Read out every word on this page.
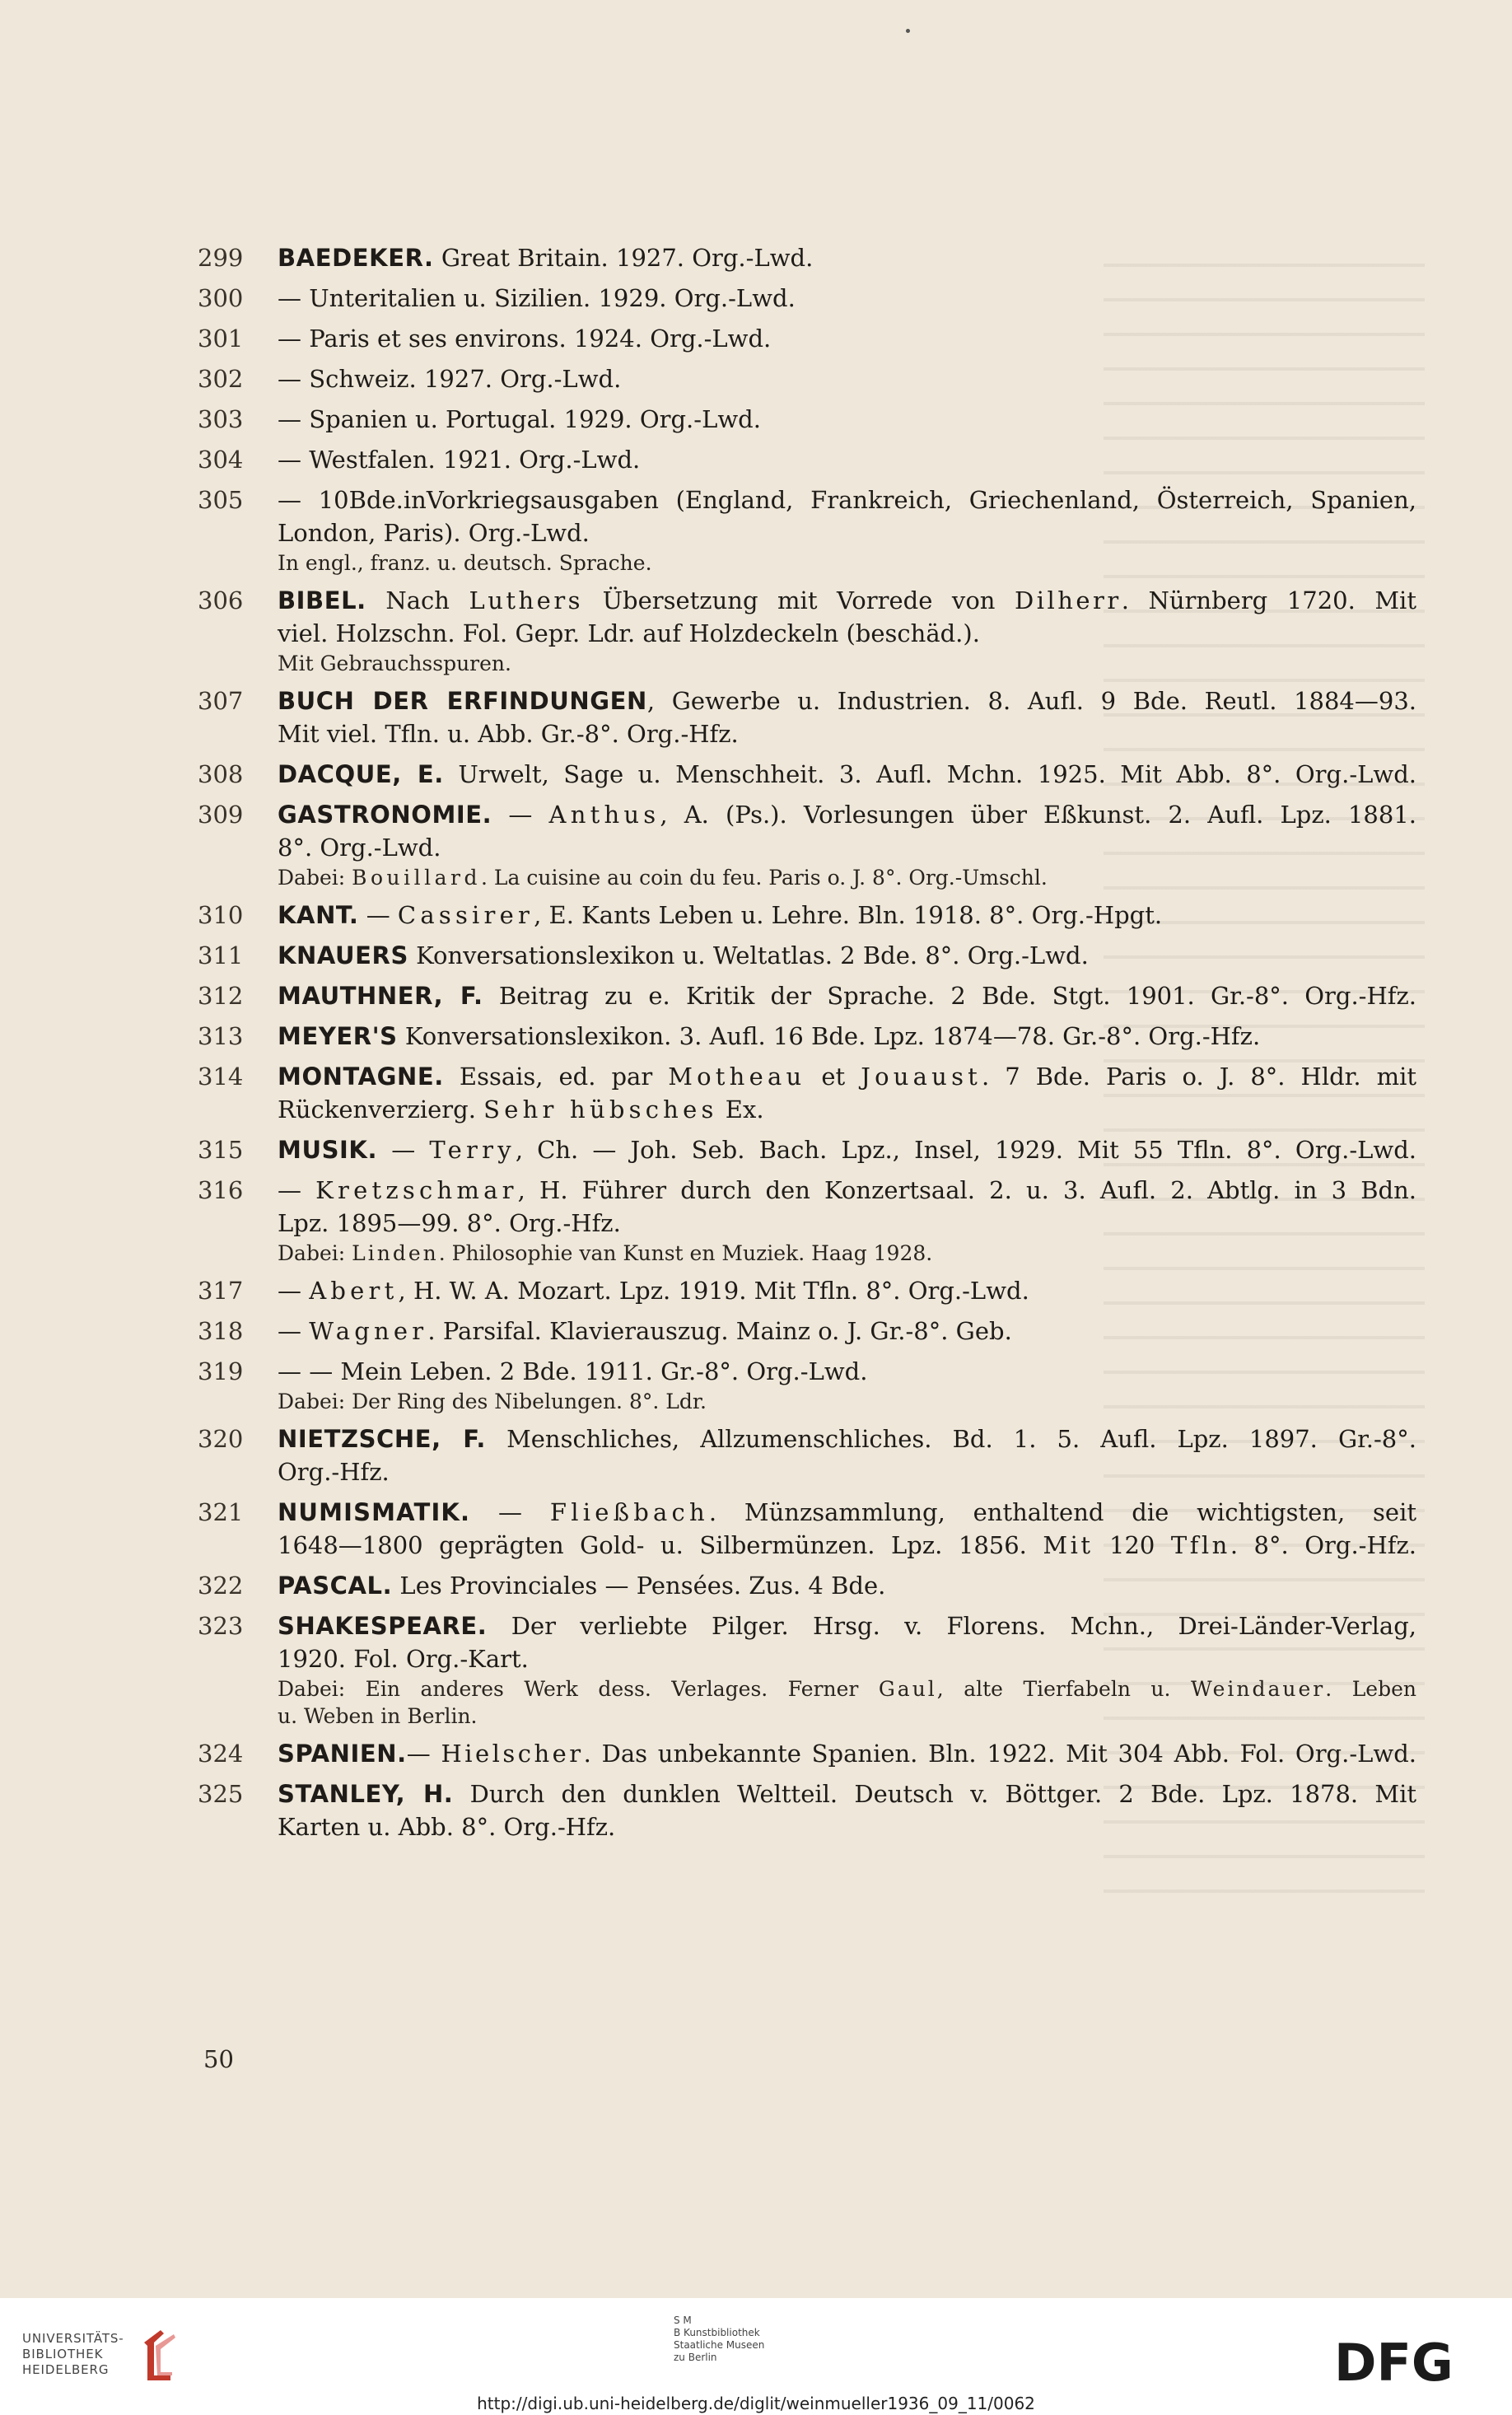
299	BAEDEKER. Great Britain. 1927. Org.-Lwd.
300	— Unteritalien u. Sizilien. 1929. Org.-Lwd.
301	— Paris et ses environs. 1924. Org.-Lwd.
302	— Schweiz. 1927. Org.-Lwd.
303	— Spanien u. Portugal. 1929. Org.-Lwd.
304	— Westfalen. 1921. Org.-Lwd.
305	— 10Bde.inVorkriegsausgaben (England, Frankreich, Griechenland, Österreich, Spanien,
London, Paris). Org.-Lwd.
In engl., franz. u. deutsch. Sprache.
306	BIBEL. Nach Luthers Übersetzung mit Vorrede von Dilherr. Nürnberg 1720. Mit
viel. Holzschn. Fol. Gepr. Ldr. auf Holzdeckeln (beschäd.).
Mit Gebrauchsspuren.
307	BUCH DER ERFINDUNGEN, Gewerbe u. Industrien. 8. Aufl. 9 Bde. Reutl. 1884—93.
Mit viel. Tfln. u. Abb. Gr.-8°. Org.-Hfz.
308	DACQUE, E. Urwelt, Sage u. Menschheit. 3. Aufl. Mchn. 1925. Mit Abb. 8°. Org.-Lwd.
309	GASTRONOMIE. — Anthus, A. (Ps.). Vorlesungen über Eßkunst. 2. Aufl. Lpz. 1881.
8°. Org.-Lwd.
Dabei: Bouillard. La cuisine au coin du feu. Paris o. J. 8°. Org.-Umschl.
310	KANT. — Cassirer, E. Kants Leben u. Lehre. Bln. 1918. 8°. Org.-Hpgt.
311	KNAUERS Konversationslexikon u. Weltatlas. 2 Bde. 8°. Org.-Lwd.
312	MAUTHNER, F. Beitrag zu e. Kritik der Sprache. 2 Bde. Stgt. 1901. Gr.-8°. Org.-Hfz.
313	MEYER'S Konversationslexikon. 3. Aufl. 16 Bde. Lpz. 1874—78. Gr.-8°. Org.-Hfz.
314	MONTAGNE. Essais, ed. par Motheau et Jouaust. 7 Bde. Paris o. J. 8°. Hldr. mit
Rückenverzierg. Sehr hübsches Ex.
315	MUSIK. — Terry, Ch. — Joh. Seb. Bach. Lpz., Insel, 1929. Mit 55 Tfln. 8°. Org.-Lwd.
316	— Kretzschmar, H. Führer durch den Konzertsaal. 2. u. 3. Aufl. 2. Abtlg. in 3 Bdn.
Lpz. 1895—99. 8°. Org.-Hfz.
Dabei: Linden. Philosophie van Kunst en Muziek. Haag 1928.
317	— Abert, H. W. A. Mozart. Lpz. 1919. Mit Tfln. 8°. Org.-Lwd.
318	— Wagner. Parsifal. Klavierauszug. Mainz o. J. Gr.-8°. Geb.
319	— — Mein Leben. 2 Bde. 1911. Gr.-8°. Org.-Lwd.
Dabei: Der Ring des Nibelungen. 8°. Ldr.
320	NIETZSCHE, F. Menschliches, Allzumenschliches. Bd. 1. 5. Aufl. Lpz. 1897. Gr.-8°.
Org.-Hfz.
321	NUMISMATIK. — Fließbach. Münzsammlung, enthaltend die wichtigsten, seit
1648—1800 geprägten Gold- u. Silbermünzen. Lpz. 1856. Mit 120 Tfln. 8°. Org.-Hfz.
322	PASCAL. Les Provinciales — Pensées. Zus. 4 Bde.
323	SHAKESPEARE. Der verliebte Pilger. Hrsg. v. Florens. Mchn., Drei-Länder-Verlag,
1920. Fol. Org.-Kart.
Dabei: Ein anderes Werk dess. Verlages. Ferner Gaul, alte Tierfabeln u. Weindauer. Leben
u. Weben in Berlin.
324	SPANIEN.— Hielscher. Das unbekannte Spanien. Bln. 1922. Mit 304 Abb. Fol. Org.-Lwd.
325	STANLEY, H. Durch den dunklen Weltteil. Deutsch v. Böttger. 2 Bde. Lpz. 1878. Mit
Karten u. Abb. 8°. Org.-Hfz.
50
UNIVERSITÄTS-
BIBLIOTHEK
HEIDELBERG
S M
B Kunstbibliothek
Staatliche Museen
zu Berlin	DFG
http://digi.ub.uni-heidelberg.de/diglit/weinmueller1936_09_11/0062
